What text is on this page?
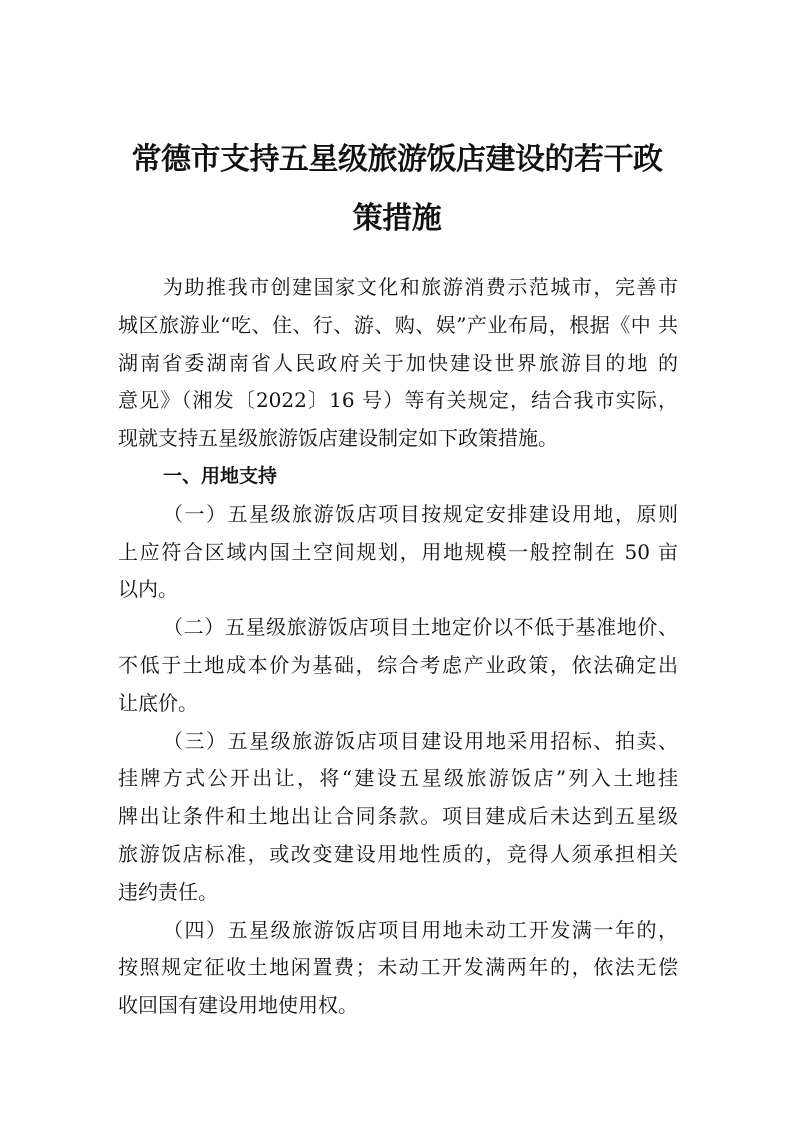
常德市支持五星级旅游饭店建设的若干政
策措施
为助推我市创建国家文化和旅游消费示范城市，完善市
城区旅游业“吃、住、行、游、购、娱”产业布局，根据《中 共
湖南省委湖南省人民政府关于加快建设世界旅游目的地 的
意见》（湘发〔2022〕16 号）等有关规定，结合我市实际，
现就支持五星级旅游饭店建设制定如下政策措施。
一、用地支持
（一）五星级旅游饭店项目按规定安排建设用地，原则
上应符合区域内国土空间规划，用地规模一般控制在 50 亩
以内。
（二）五星级旅游饭店项目土地定价以不低于基准地价、
不低于土地成本价为基础，综合考虑产业政策，依法确定出
让底价。
（三）五星级旅游饭店项目建设用地采用招标、拍卖、
挂牌方式公开出让，将“建设五星级旅游饭店”列入土地挂
牌出让条件和土地出让合同条款。项目建成后未达到五星级
旅游饭店标准，或改变建设用地性质的，竞得人须承担相关
违约责任。
（四）五星级旅游饭店项目用地未动工开发满一年的，
按照规定征收土地闲置费；未动工开发满两年的，依法无偿
收回国有建设用地使用权。
